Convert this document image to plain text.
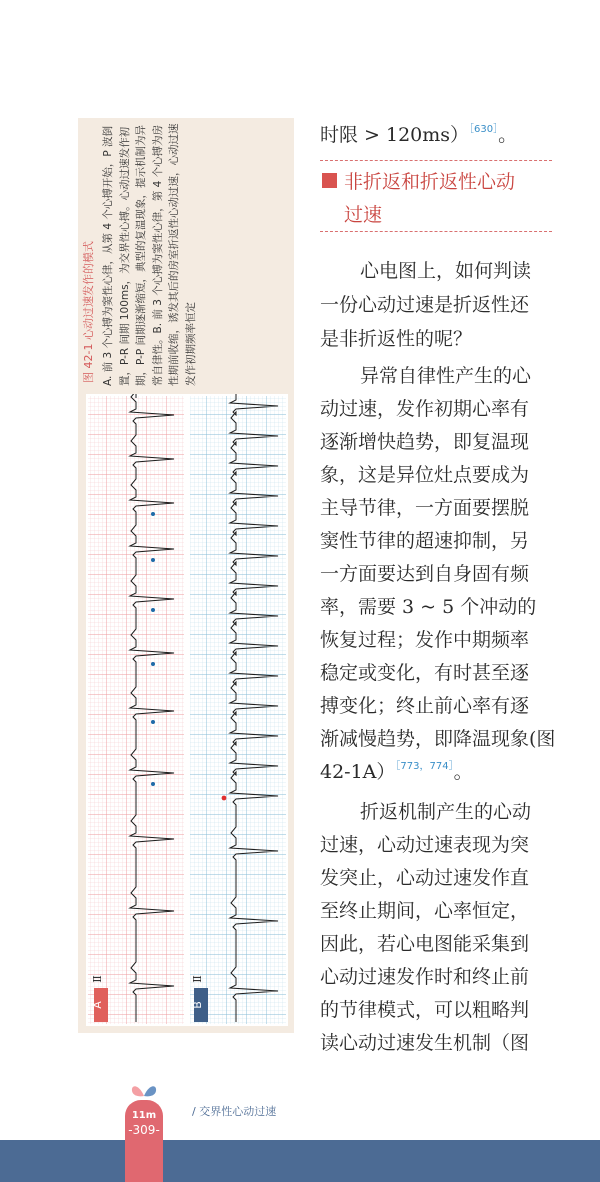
图 42-1 心动过速发作的模式 A. 前 3 个心搏为窦性心律，从第 4 个心搏开始，P 波倒置，P-R 间期 100ms，为交界性心搏。心动过速发作初期，P-P 间期逐渐缩短，典型的复温现象，提示机制为异常自律性。B. 前 3 个心搏为窦性心律，第 4 个心搏为房性期前收缩，诱发其后的房室折返性心动过速，心动过速发作初期频率恒定
A
Ⅱ
B
Ⅱ
时限 > 120ms）$^{[630]}$。
非折返和折返性心动
过速
心电图上，如何判读
一份心动过速是折返性还
是非折返性的呢？
异常自律性产生的心
动过速，发作初期心率有
逐渐增快趋势，即复温现
象，这是异位灶点要成为
主导节律，一方面要摆脱
窦性节律的超速抑制，另
一方面要达到自身固有频
率，需要 3 ~ 5 个冲动的
恢复过程；发作中期频率
稳定或变化，有时甚至逐
搏变化；终止前心率有逐
渐减慢趋势，即降温现象(图
42-1A）$^{[773,774]}$。
折返机制产生的心动
过速，心动过速表现为突
发突止，心动过速发作直
至终止期间，心率恒定，
因此，若心电图能采集到
心动过速发作时和终止前
的节律模式，可以粗略判
读心动过速发生机制（图
11m
-309-
/ 交界性心动过速
